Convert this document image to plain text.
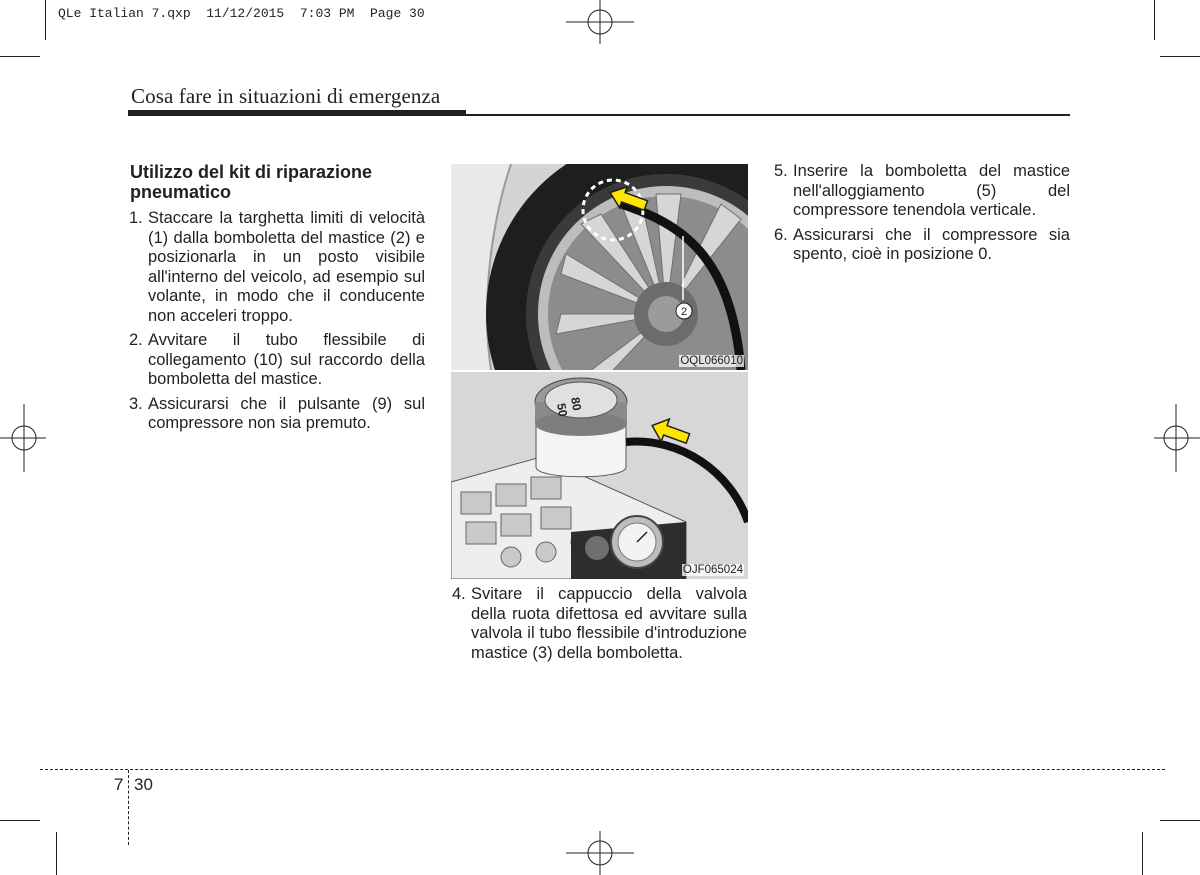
QLe Italian 7.qxp  11/12/2015  7:03 PM  Page 30
Cosa fare in situazioni di emergenza
Utilizzo del kit di riparazione pneumatico
1. Staccare la targhetta limiti di velocità (1) dalla bomboletta del mastice (2) e posizionarla in un posto visibile all'interno del veicolo, ad esempio sul volante, in modo che il conducente non acceleri troppo.
2. Avvitare il tubo flessibile di collegamento (10) sul raccordo della bomboletta del mastice.
3. Assicurarsi che il pulsante (9) sul compressore non sia premuto.
2
OQL066010
80
50
OJF065024
4. Svitare il cappuccio della valvola della ruota difettosa ed avvitare sulla valvola il tubo flessibile d'introduzione mastice (3) della bomboletta.
5. Inserire la bomboletta del mastice nell'alloggiamento (5) del compressore tenendola verticale.
6. Assicurarsi che il compressore sia spento, cioè in posizione 0.
7 30
